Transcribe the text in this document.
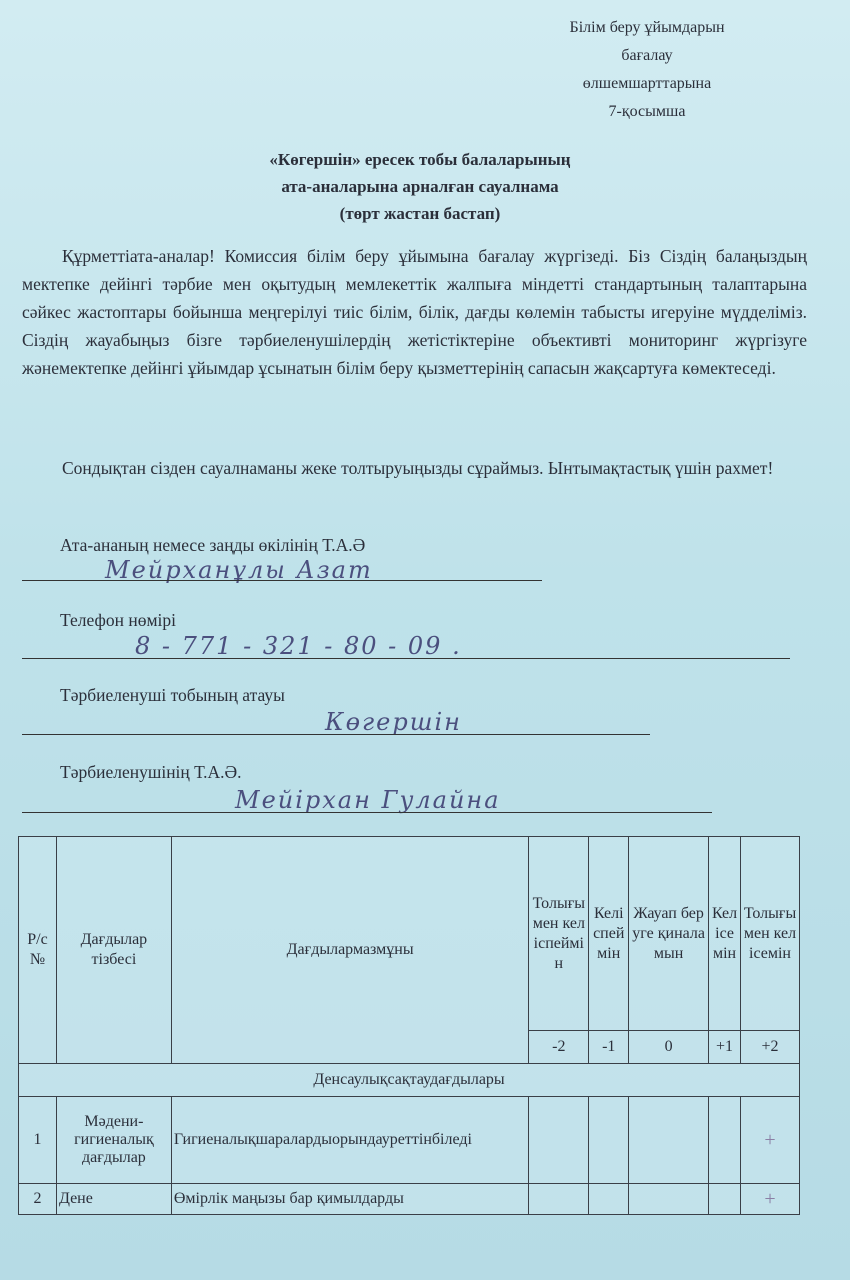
Білім беру ұйымдарын
бағалау
өлшемшарттарына
7-қосымша
«Көгершін» ересек тобы балаларының
ата-аналарына арналған сауалнама
(төрт жастан бастап)

Құрметтіата-аналар! Комиссия білім беру ұйымына бағалау жүргізеді. Біз Сіздің балаңыздың мектепке дейінгі тәрбие мен оқытудың мемлекеттік жалпыға міндетті стандартының талаптарына сәйкес жастоптары бойынша меңгерілуі тиіс білім, білік, дағды көлемін табысты игеруіне мүдделіміз. Сіздің жауабыңыз бізге тәрбиеленушілердің жетістіктеріне объективті мониторинг жүргізуге жәнемектепке дейінгі ұйымдар ұсынатын білім беру қызметтерінің сапасын жақсартуға көмектеседі.

Сондықтан сізден сауалнаманы жеке толтыруыңызды сұраймыз. Ынтымақтастық үшін рахмет!

Ата-ананың немесе заңды өкілінің Т.А.Ә
Мейрханұлы Азат
Телефон нөмірі
8 - 771 - 321 - 80 - 09 .
Тәрбиеленуші тобының атауы
Көгершін
Тәрбиеленушінің Т.А.Ә.
Мейірхан Гулайна
Р/с №	Дағдылар тізбесі	Дағдылармазмұны	Толығымен келіспеймін	Келіспеймін	Жауап беруге қиналамын	Келісемін	Толығымен келісемін
			-2	-1	0	+1	+2
Денсаулықсақтаудағдылары							
1	Мәдени-гигиеналық дағдылар	Гигиеналықшаралардыорындауреттінбіледі					+
2	Дене	Өмірлік маңызы бар қимылдарды					+
